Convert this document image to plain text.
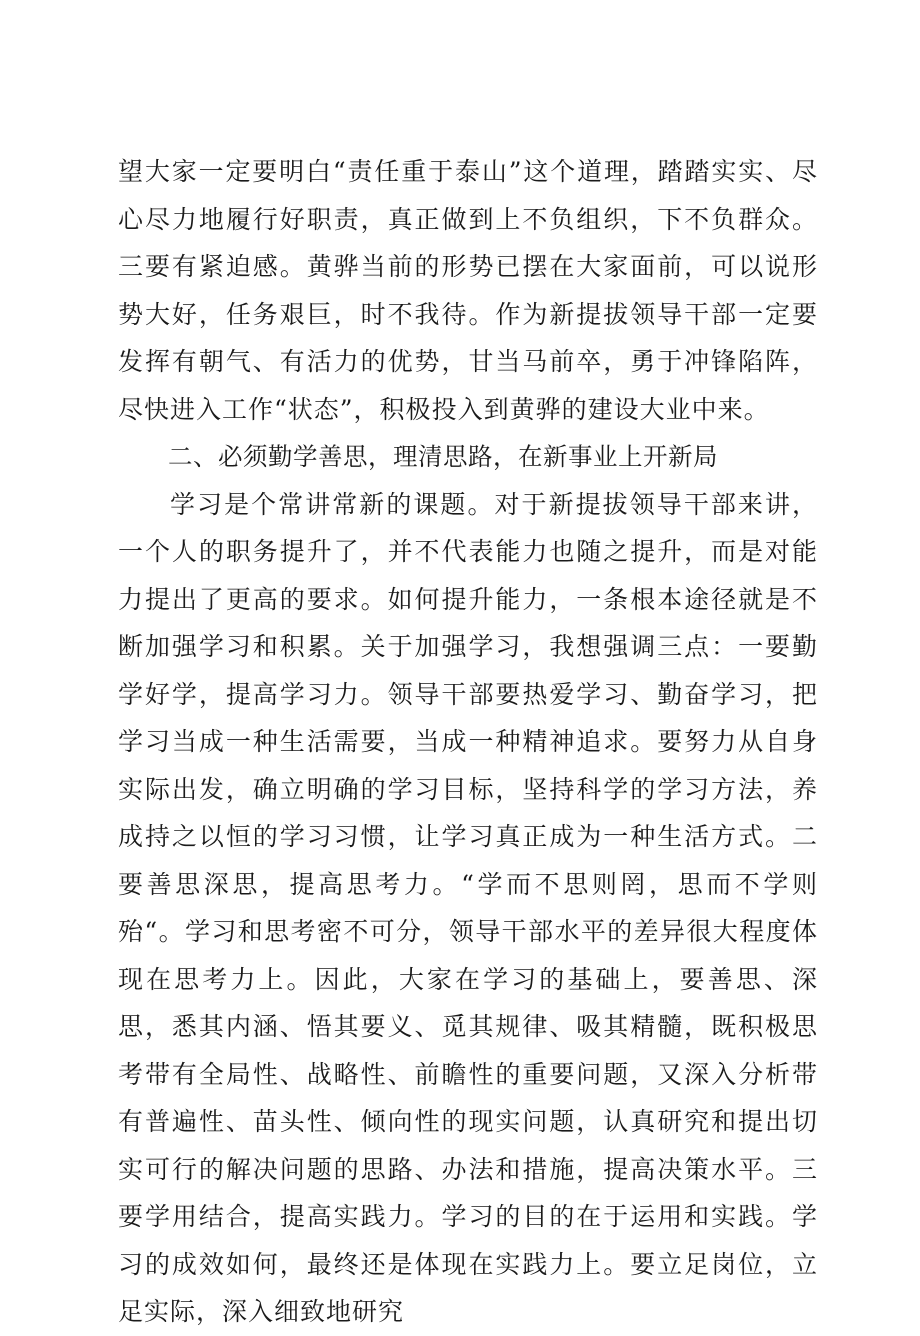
望大家一定要明白“责任重于泰山”这个道理，踏踏实实、尽心尽力地履行好职责，真正做到上不负组织，下不负群众。三要有紧迫感。黄骅当前的形势已摆在大家面前，可以说形势大好，任务艰巨，时不我待。作为新提拔领导干部一定要发挥有朝气、有活力的优势，甘当马前卒，勇于冲锋陷阵，尽快进入工作“状态”，积极投入到黄骅的建设大业中来。

二、必须勤学善思，理清思路，在新事业上开新局

学习是个常讲常新的课题。对于新提拔领导干部来讲，一个人的职务提升了，并不代表能力也随之提升，而是对能力提出了更高的要求。如何提升能力，一条根本途径就是不断加强学习和积累。关于加强学习，我想强调三点：一要勤学好学，提高学习力。领导干部要热爱学习、勤奋学习，把学习当成一种生活需要，当成一种精神追求。要努力从自身实际出发，确立明确的学习目标，坚持科学的学习方法，养成持之以恒的学习习惯，让学习真正成为一种生活方式。二要善思深思，提高思考力。“学而不思则罔，思而不学则殆“。学习和思考密不可分，领导干部水平的差异很大程度体现在思考力上。因此，大家在学习的基础上，要善思、深思，悉其内涵、悟其要义、觅其规律、吸其精髓，既积极思考带有全局性、战略性、前瞻性的重要问题，又深入分析带有普遍性、苗头性、倾向性的现实问题，认真研究和提出切实可行的解决问题的思路、办法和措施，提高决策水平。三要学用结合，提高实践力。学习的目的在于运用和实践。学习的成效如何，最终还是体现在实践力上。要立足岗位，立足实际，深入细致地研究
